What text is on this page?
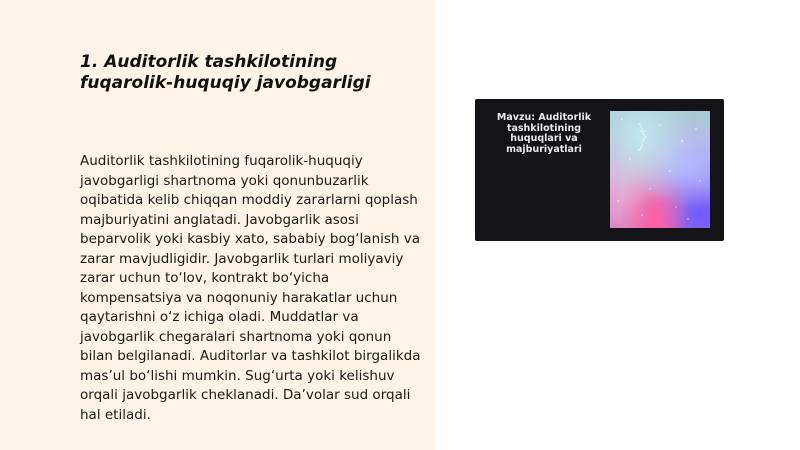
1. Auditorlik tashkilotining fuqarolik-huquqiy javobgarligi

Auditorlik tashkilotining fuqarolik-huquqiy javobgarligi shartnoma yoki qonunbuzarlik oqibatida kelib chiqqan moddiy zararlarni qoplash majburiyatini anglatadi. Javobgarlik asosi beparvolik yoki kasbiy xato, sababiy bog‘lanish va zarar mavjudligidir. Javobgarlik turlari moliyaviy zarar uchun to‘lov, kontrakt bo‘yicha kompensatsiya va noqonuniy harakatlar uchun qaytarishni o‘z ichiga oladi. Muddatlar va javobgarlik chegaralari shartnoma yoki qonun bilan belgilanadi. Auditorlar va tashkilot birgalikda mas’ul bo‘lishi mumkin. Sug‘urta yoki kelishuv orqali javobgarlik cheklanadi. Da’volar sud orqali hal etiladi.

Mavzu: Auditorlik tashkilotining huquqlari va majburiyatlari
